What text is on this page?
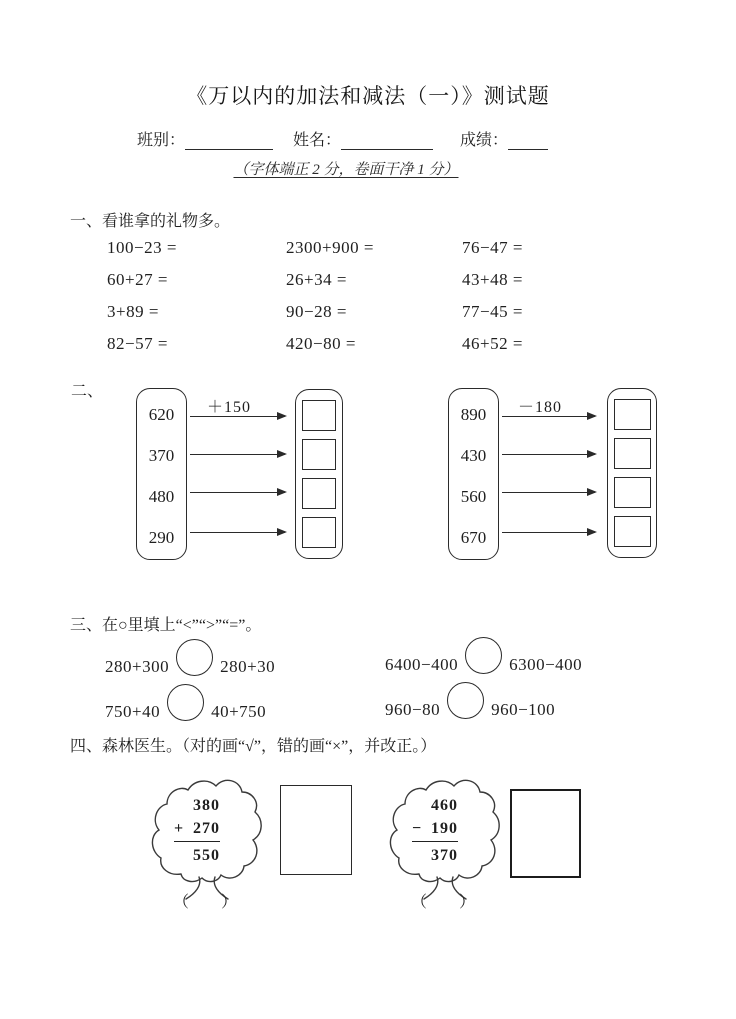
《万以内的加法和减法（一）》测试题
班别：	姓名：	成绩：
（字体端正 2 分，卷面干净 1 分）
一、看谁拿的礼物多。
100−23 =	2300+900 =	76−47 =
60+27 =	26+34 =	43+48 =
3+89 =	90−28 =	77−45 =
82−57 =	420−80 =	46+52 =
二、
620
370
480
290
＋150	890
430
560
670
－180
三、在○里填上“<”“>”“=”。
280+300	280+30	6400−400	6300−400
750+40	40+750	960−80	960−100
四、森林医生。（对的画“√”，错的画“×”，并改正。）
380
+ 270
550
（　　）
460
− 190
370
（　　）
